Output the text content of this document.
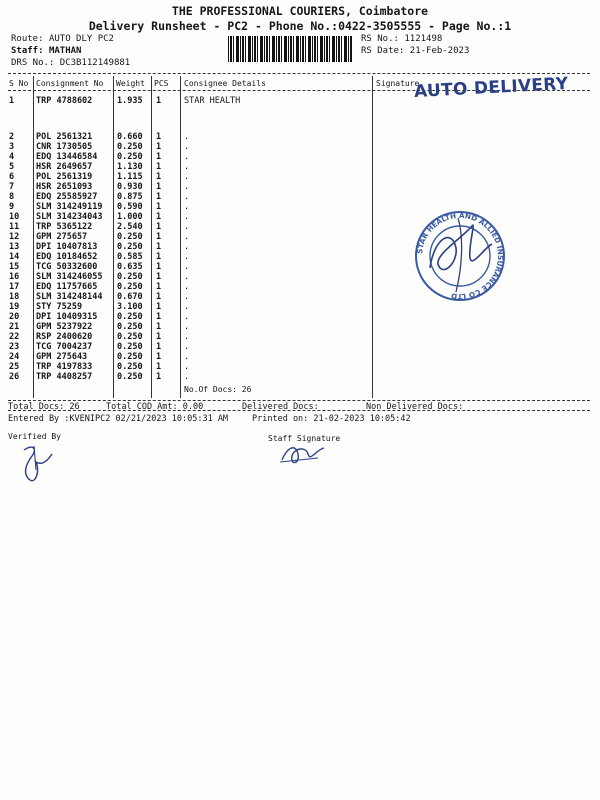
THE PROFESSIONAL COURIERS, Coimbatore
Delivery Runsheet - PC2 - Phone No.:0422-3505555 - Page No.:1
Route: AUTO DLY PC2
Staff: MATHAN
DRS No.: DC3B112149881
RS No.: 1121498
RS Date: 21-Feb-2023
S No Consignment No Weight PCS Consignee Details	Signature
1	TRP 4788602	1.935 1	STAR HEALTH
2	POL 2561321	0.660 1	.
3	CNR 1730505	0.250 1	.
4	EDQ 13446584 0.250 1	.
5	HSR 2649657	1.130 1	.
6	POL 2561319	1.115 1	.
7	HSR 2651093	0.930 1	.
8	EDQ 25585927 0.875 1	.
9	SLM 314249119 0.590 1	.
10 SLM 314234043 1.000 1	.
11 TRP 5365122	2.540 1	.
12 GPM 275657	0.250 1	.
13 DPI 10407813 0.250 1	.
14 EDQ 10184652 0.585 1	.
15 TCG 50332600 0.635 1	.
16 SLM 314246055 0.250 1	.
17 EDQ 11757665 0.250 1	.
18 SLM 314248144 0.670 1	.
19 STY 75259	3.100 1	.
20 DPI 10409315 0.250 1	.
21 GPM 5237922	0.250 1	.
22 RSP 2400620	0.250 1	.
23 TCG 7004237	0.250 1	.
24 GPM 275643	0.250 1	.
25 TRP 4197833	0.250 1	.
26 TRP 4408257	0.250 1	.
No.Of Docs: 26
AUTO DELIVERY
STAR HEALTH AND ALLIED INSURANCE CO LTD
Total Docs: 26	Total COD Amt: 0.00	Delivered Docs:	Non Delivered Docs:
Entered By :KVENIPC2 02/21/2023 10:05:31 AM	Printed on: 21-02-2023 10:05:42
Verified By	Staff Signature
